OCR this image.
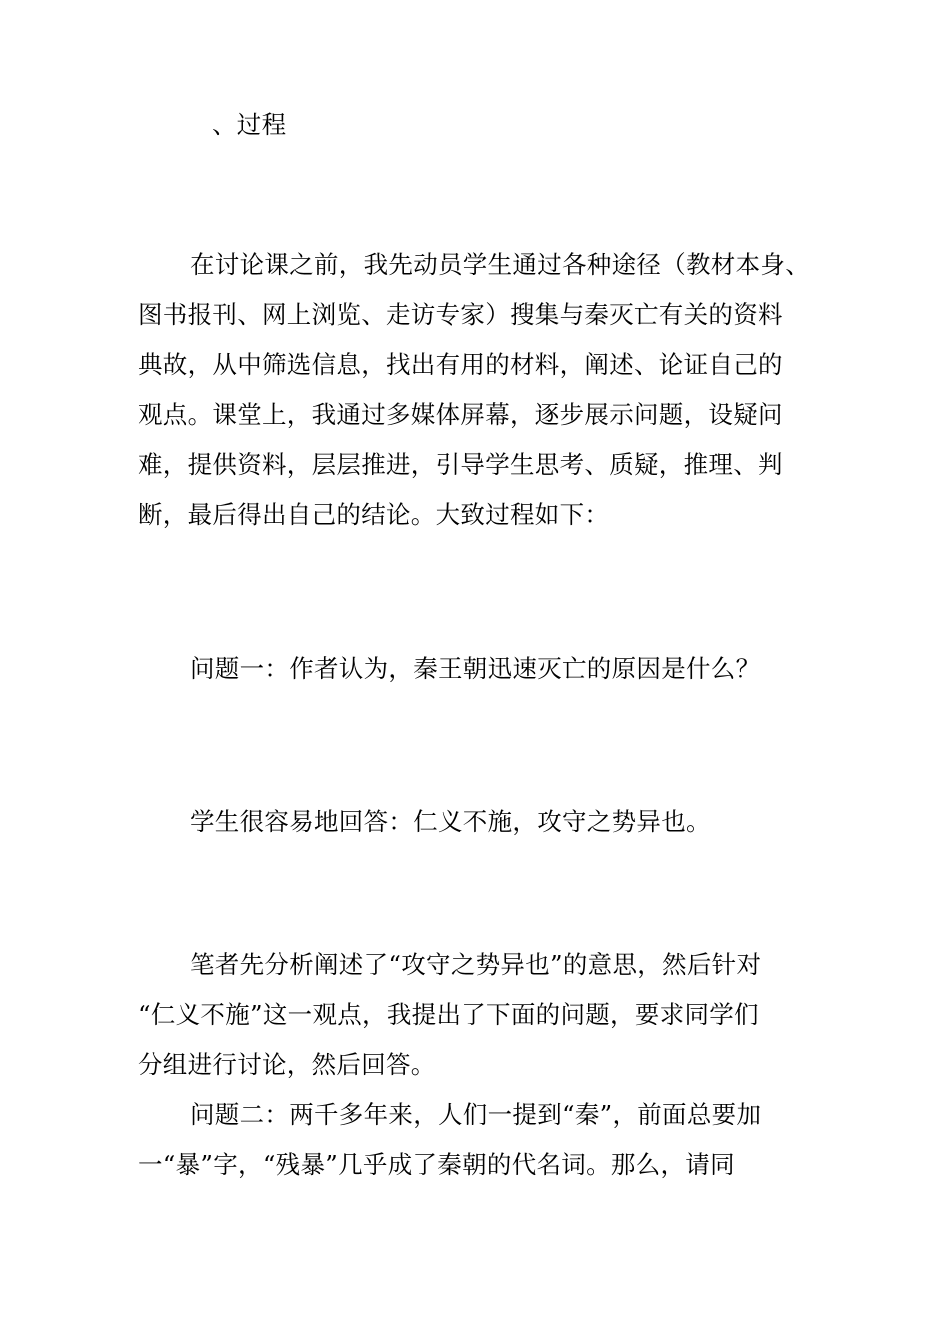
、过程
在讨论课之前，我先动员学生通过各种途径（教材本身、
图书报刊、网上浏览、走访专家）搜集与秦灭亡有关的资料
典故，从中筛选信息，找出有用的材料，阐述、论证自己的
观点。课堂上，我通过多媒体屏幕，逐步展示问题，设疑问
难，提供资料，层层推进，引导学生思考、质疑，推理、判
断，最后得出自己的结论。大致过程如下：
问题一：作者认为，秦王朝迅速灭亡的原因是什么？
学生很容易地回答：仁义不施，攻守之势异也。
笔者先分析阐述了“攻守之势异也”的意思，然后针对
“仁义不施”这一观点，我提出了下面的问题，要求同学们
分组进行讨论，然后回答。
问题二：两千多年来，人们一提到“秦”，前面总要加
一“暴”字，“残暴”几乎成了秦朝的代名词。那么，请同
